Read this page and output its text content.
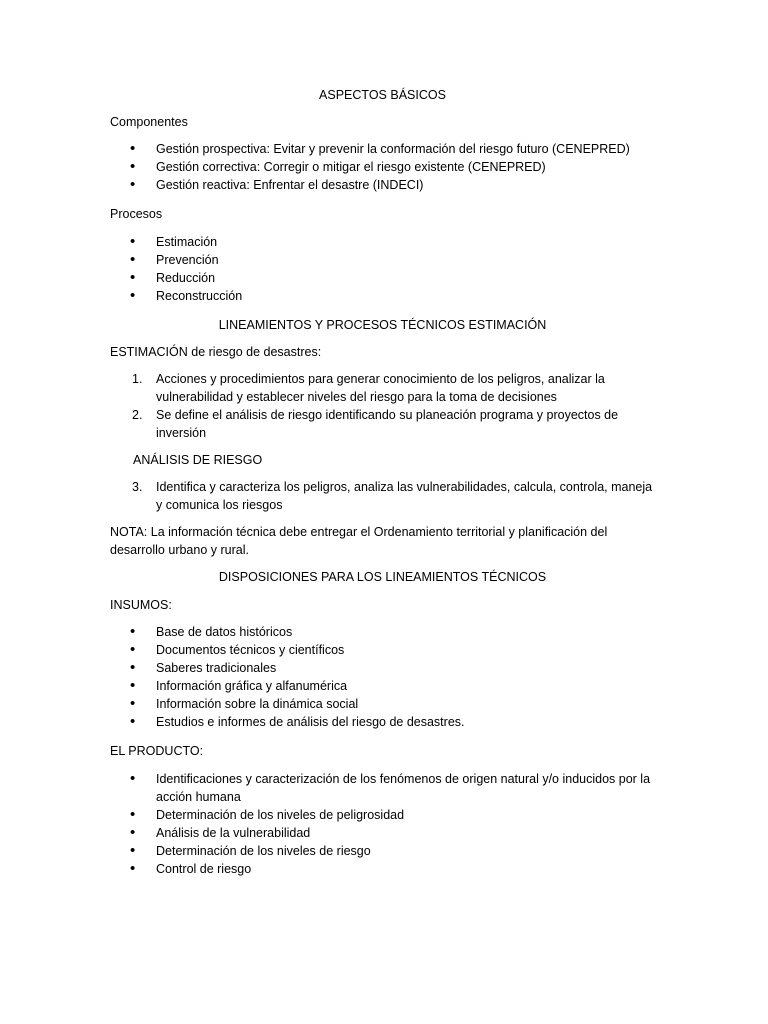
ASPECTOS BÁSICOS
Componentes
• Gestión prospectiva: Evitar y prevenir la conformación del riesgo futuro (CENEPRED)
• Gestión correctiva: Corregir o mitigar el riesgo existente (CENEPRED)
• Gestión reactiva: Enfrentar el desastre (INDECI)
Procesos
• Estimación
• Prevención
• Reducción
• Reconstrucción
LINEAMIENTOS Y PROCESOS TÉCNICOS ESTIMACIÓN
ESTIMACIÓN de riesgo de desastres:
1. Acciones y procedimientos para generar conocimiento de los peligros, analizar la vulnerabilidad y establecer niveles del riesgo para la toma de decisiones
2. Se define el análisis de riesgo identificando su planeación programa y proyectos de inversión
ANÁLISIS DE RIESGO
3. Identifica y caracteriza los peligros, analiza las vulnerabilidades, calcula, controla, maneja y comunica los riesgos
NOTA: La información técnica debe entregar el Ordenamiento territorial y planificación del desarrollo urbano y rural.
DISPOSICIONES PARA LOS LINEAMIENTOS TÉCNICOS
INSUMOS:
• Base de datos históricos
• Documentos técnicos y científicos
• Saberes tradicionales
• Información gráfica y alfanumérica
• Información sobre la dinámica social
• Estudios e informes de análisis del riesgo de desastres.
EL PRODUCTO:
• Identificaciones y caracterización de los fenómenos de origen natural y/o inducidos por la acción humana
• Determinación de los niveles de peligrosidad
• Análisis de la vulnerabilidad
• Determinación de los niveles de riesgo
• Control de riesgo
